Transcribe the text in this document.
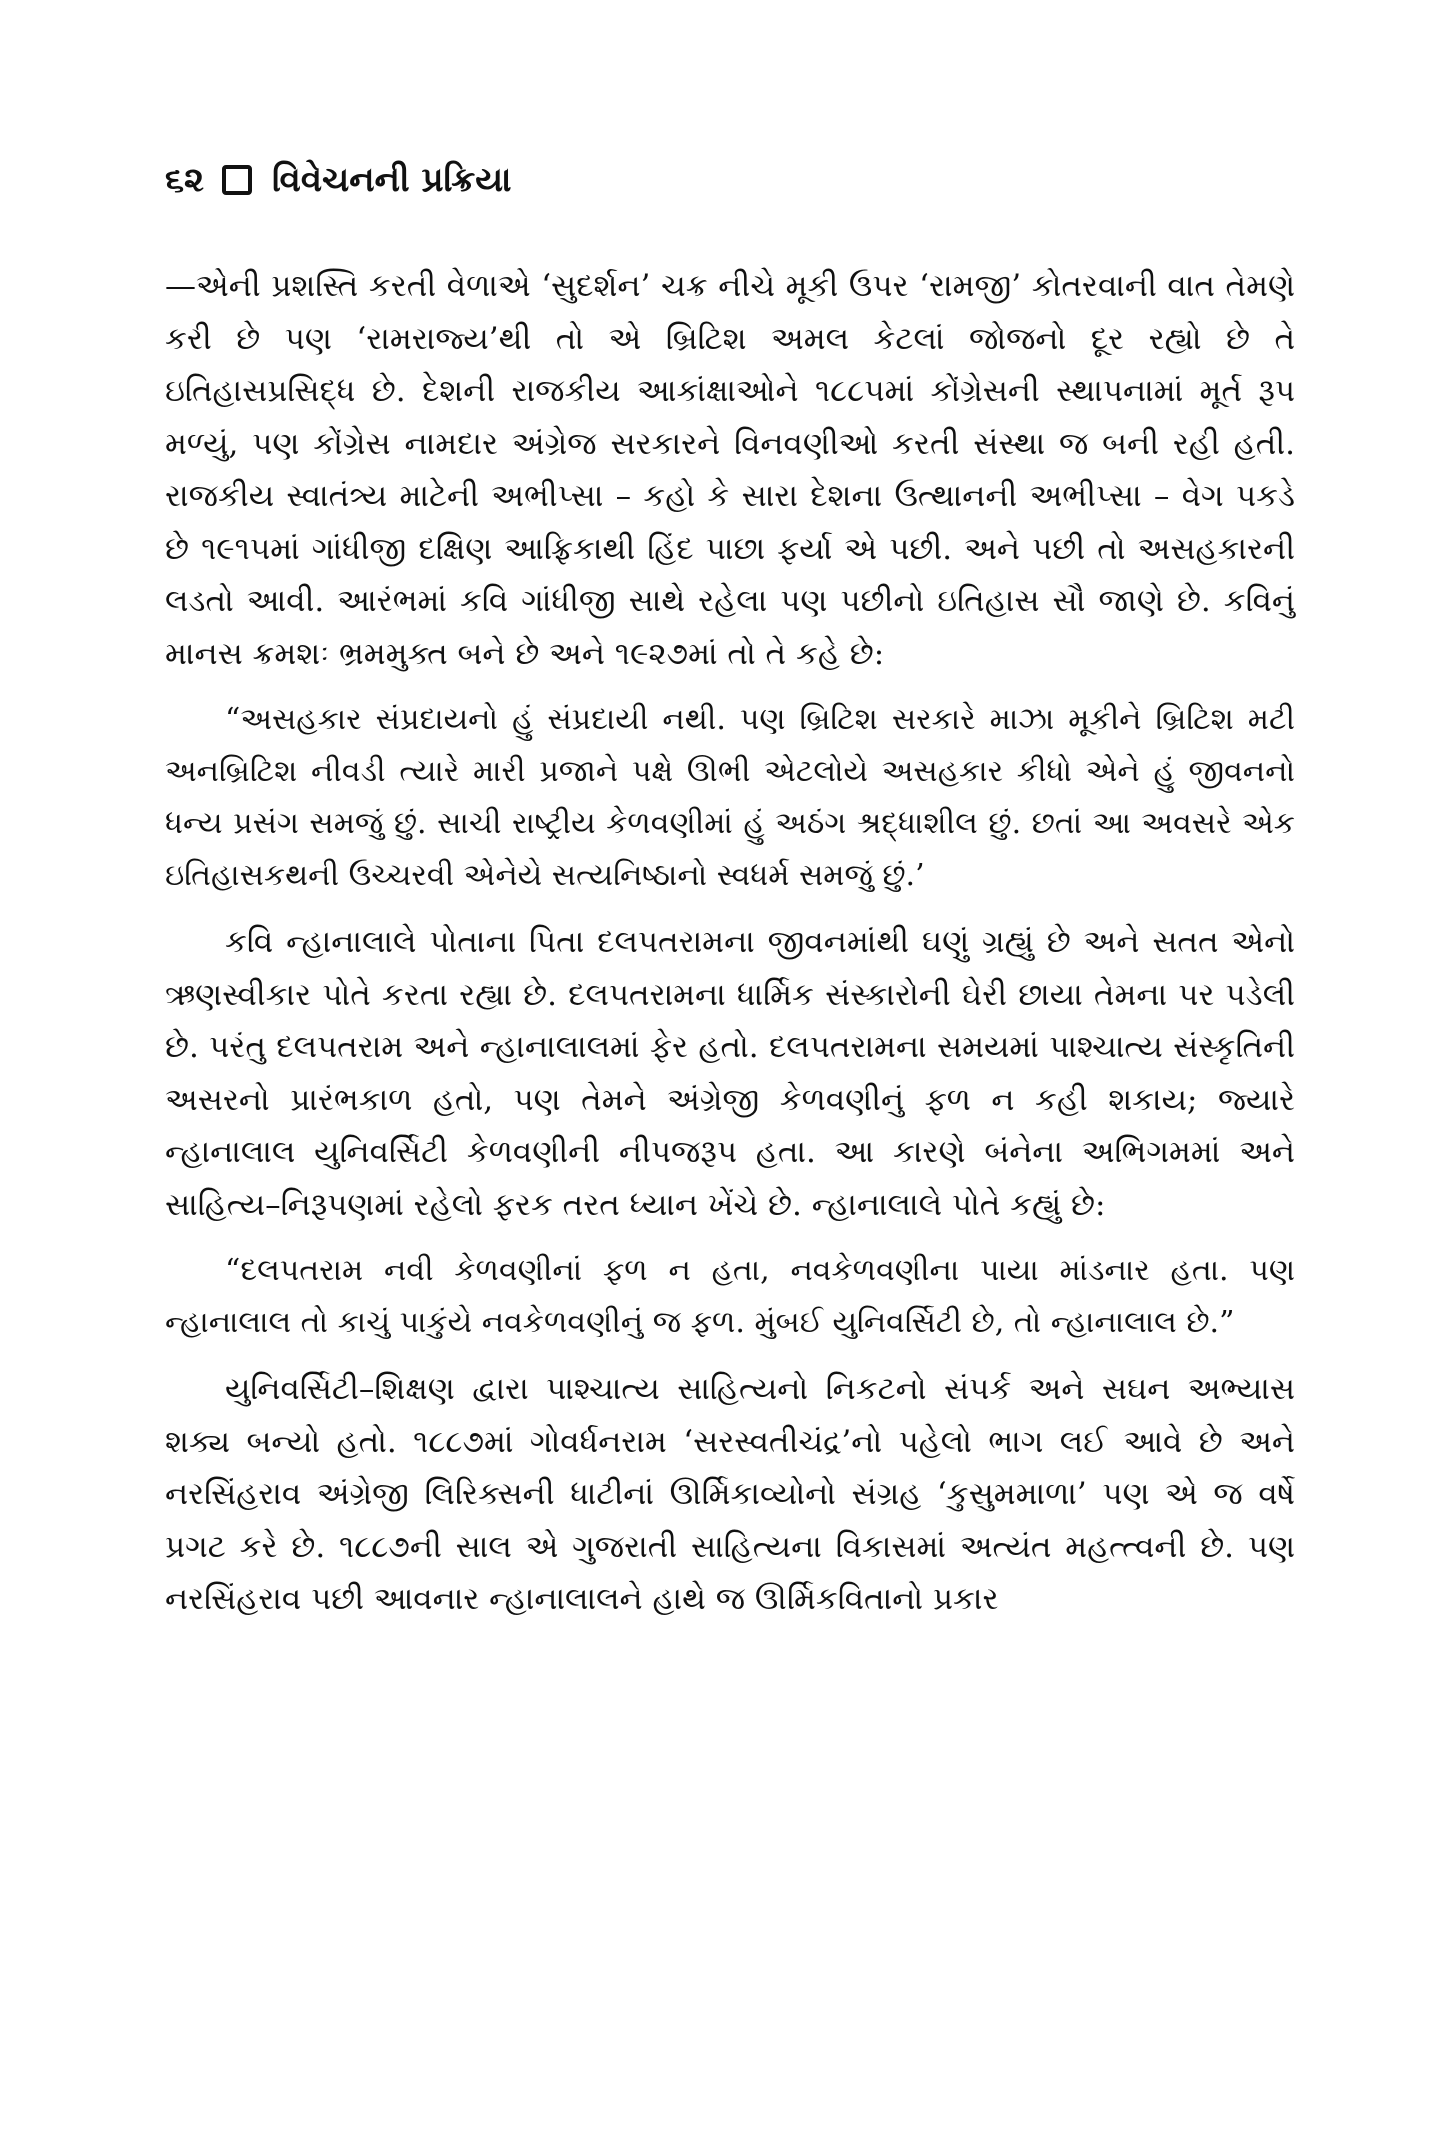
૬૨ વિવેચનની પ્રક્રિયા

—એની પ્રશસ્તિ કરતી વેળાએ ‘સુદર્શન’ ચક્ર નીચે મૂકી ઉપર ‘રામજી’ કોતરવાની વાત તેમણે કરી છે પણ ‘રામરાજ્ય’થી તો એ બ્રિટિશ અમલ કેટલાં જોજનો દૂર રહ્યો છે તે ઇતિહાસપ્રસિદ્ધ છે. દેશની રાજકીય આકાંક્ષાઓને ૧૮૮૫માં કોંગ્રેસની સ્થાપનામાં મૂર્ત રૂપ મળ્યું, પણ કોંગ્રેસ નામદાર અંગ્રેજ સરકારને વિનવણીઓ કરતી સંસ્થા જ બની રહી હતી. રાજકીય સ્વાતંત્ર્ય માટેની અભીપ્સા – કહો કે સારા દેશના ઉત્થાનની અભીપ્સા – વેગ પકડે છે ૧૯૧૫માં ગાંધીજી દક્ષિણ આફ્રિકાથી હિંદ પાછા ફર્યા એ પછી. અને પછી તો અસહકારની લડતો આવી. આરંભમાં કવિ ગાંધીજી સાથે રહેલા પણ પછીનો ઇતિહાસ સૌ જાણે છે. કવિનું માનસ ક્રમશઃ ભ્રમમુક્ત બને છે અને ૧૯૨૭માં તો તે કહે છે:

“અસહકાર સંપ્રદાયનો હું સંપ્રદાયી નથી. પણ બ્રિટિશ સરકારે માઝા મૂકીને બ્રિટિશ મટી અનબ્રિટિશ નીવડી ત્યારે મારી પ્રજાને પક્ષે ઊભી એટલોયે અસહકાર કીધો એને હું જીવનનો ધન્ય પ્રસંગ સમજું છું. સાચી રાષ્ટ્રીય કેળવણીમાં હું અઠંગ શ્રદ્ધાશીલ છું. છતાં આ અવસરે એક ઇતિહાસકથની ઉચ્ચરવી એનેયે સત્યનિષ્ઠાનો સ્વધર્મ સમજું છું.’

કવિ ન્હાનાલાલે પોતાના પિતા દલપતરામના જીવનમાંથી ઘણું ગ્રહ્યું છે અને સતત એનો ઋણસ્વીકાર પોતે કરતા રહ્યા છે. દલપતરામના ધાર્મિક સંસ્કારોની ઘેરી છાયા તેમના પર પડેલી છે. પરંતુ દલપતરામ અને ન્હાનાલાલમાં ફેર હતો. દલપતરામના સમયમાં પાશ્ચાત્ય સંસ્કૃતિની અસરનો પ્રારંભકાળ હતો, પણ તેમને અંગ્રેજી કેળવણીનું ફળ ન કહી શકાય; જ્યારે ન્હાનાલાલ યુનિવર્સિટી કેળવણીની નીપજરૂપ હતા. આ કારણે બંનેના અભિગમમાં અને સાહિત્ય–નિરૂપણમાં રહેલો ફરક તરત ધ્યાન ખેંચે છે. ન્હાનાલાલે પોતે કહ્યું છે:

“દલપતરામ નવી કેળવણીનાં ફળ ન હતા, નવકેળવણીના પાયા માંડનાર હતા. પણ ન્હાનાલાલ તો કાચું પાકુંયે નવકેળવણીનું જ ફળ. મુંબઈ યુનિવર્સિટી છે, તો ન્હાનાલાલ છે.”

યુનિવર્સિટી–શિક્ષણ દ્વારા પાશ્ચાત્ય સાહિત્યનો નિકટનો સંપર્ક અને સઘન અભ્યાસ શક્ય બન્યો હતો. ૧૮૮૭માં ગોવર્ધનરામ ‘સરસ્વતીચંદ્ર’નો પહેલો ભાગ લઈ આવે છે અને નરસિંહરાવ અંગ્રેજી લિરિક્સની ધાટીનાં ઊર્મિકાવ્યોનો સંગ્રહ ‘કુસુમમાળા’ પણ એ જ વર્ષે પ્રગટ કરે છે. ૧૮૮૭ની સાલ એ ગુજરાતી સાહિત્યના વિકાસમાં અત્યંત મહત્ત્વની છે. પણ નરસિંહરાવ પછી આવનાર ન્હાનાલાલને હાથે જ ઊર્મિકવિતાનો પ્રકાર
